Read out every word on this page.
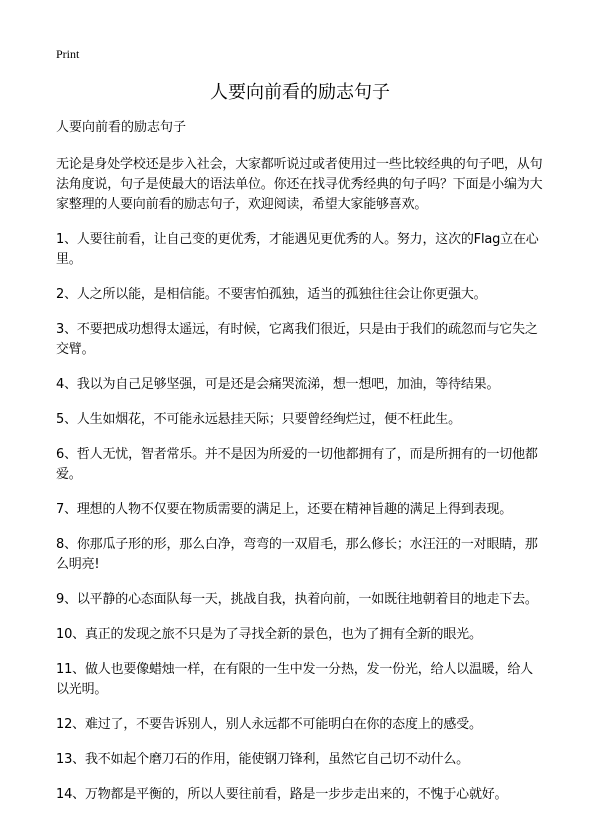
Print
人要向前看的励志句子

人要向前看的励志句子

无论是身处学校还是步入社会，大家都听说过或者使用过一些比较经典的句子吧，从句法角度说，句子是使最大的语法单位。你还在找寻优秀经典的句子吗？下面是小编为大家整理的人要向前看的励志句子，欢迎阅读，希望大家能够喜欢。

1、人要往前看，让自己变的更优秀，才能遇见更优秀的人。努力，这次的Flag立在心里。

2、人之所以能，是相信能。不要害怕孤独，适当的孤独往往会让你更强大。

3、不要把成功想得太遥远，有时候，它离我们很近，只是由于我们的疏忽而与它失之交臂。

4、我以为自己足够坚强，可是还是会痛哭流涕，想一想吧，加油，等待结果。

5、人生如烟花，不可能永远悬挂天际；只要曾经绚烂过，便不枉此生。

6、哲人无忧，智者常乐。并不是因为所爱的一切他都拥有了，而是所拥有的一切他都爱。

7、理想的人物不仅要在物质需要的满足上，还要在精神旨趣的满足上得到表现。

8、你那瓜子形的形，那么白净，弯弯的一双眉毛，那么修长；水汪汪的一对眼睛，那么明亮!

9、以平静的心态面队每一天，挑战自我，执着向前，一如既往地朝着目的地走下去。

10、真正的发现之旅不只是为了寻找全新的景色，也为了拥有全新的眼光。

11、做人也要像蜡烛一样，在有限的一生中发一分热，发一份光，给人以温暖，给人以光明。

12、难过了，不要告诉别人，别人永远都不可能明白在你的态度上的感受。

13、我不如起个磨刀石的作用，能使钢刀锋利，虽然它自己切不动什么。

14、万物都是平衡的，所以人要往前看，路是一步步走出来的，不愧于心就好。
